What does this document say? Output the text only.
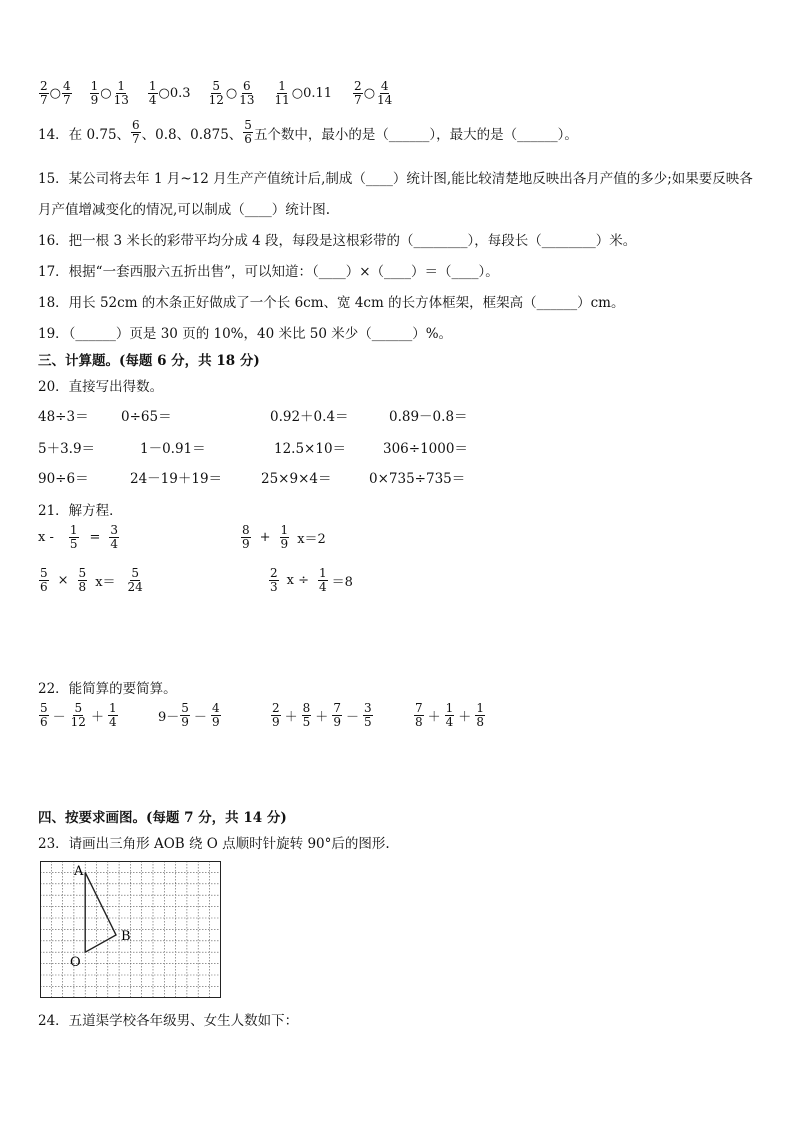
$\frac{2}{7}$ ○ $\frac{4}{7} \frac{1}{9}$ ○ $\frac{1}{13} \frac{1}{4}$ ○ $0.3 \frac{5}{12}$ ○ $\frac{6}{13} \frac{1}{11}$ ○ $0.11 \frac{2}{7}$ ○ $\frac{4}{14}$
14．在 0.75、 $\frac{6}{7}$ 、0.8、0.875、 $\frac{5}{6}$ 五个数中，最小的是（______），最大的是（______）。
15．某公司将去年 1 月~12 月生产产值统计后,制成（____）统计图,能比较清楚地反映出各月产值的多少;如果要反映各
月产值增减变化的情况,可以制成（____）统计图.
16．把一根 3 米长的彩带平均分成 4 段，每段是这根彩带的（________），每段长（________）米。
17．根据“一套西服六五折出售”，可以知道：（____）×（____）＝（____）。
18．用长 52cm 的木条正好做成了一个长 6cm、宽 4cm 的长方体框架，框架高（______）cm。
19．（______）页是 30 页的 10%，40 米比 50 米少（______）%。
三、计算题。(每题 6 分，共 18 分)
20．直接写出得数。
48÷3＝ 0÷65＝	0.92＋0.4＝	0.89－0.8＝
5＋3.9＝	1－0.91＝	12.5×10＝	306÷1000＝
90÷6＝	24－19＋19＝	25×9×4＝	0×735÷735＝
21．解方程．
$x - \frac{1}{5} = \frac{3}{4}$	$\frac{8}{9} + \frac{1}{9} x=2$
$\frac{5}{6} \times \frac{5}{8} x= \frac{5}{24}$	$\frac{2}{3}$ $x \div \frac{1}{4} =8$
22．能简算的要简算。
$\frac{5}{6} - \frac{5}{12} + \frac{1}{4}$	$9- \frac{5}{9} - \frac{4}{9}$	$\frac{2}{9} + \frac{8}{5} + \frac{7}{9} - \frac{3}{5}$	$\frac{7}{8} + \frac{1}{4} + \frac{1}{8}$
四、按要求画图。(每题 7 分，共 14 分)
23．请画出三角形 AOB 绕 O 点顺时针旋转 90°后的图形.
A
B
O
24．五道渠学校各年级男、女生人数如下：
